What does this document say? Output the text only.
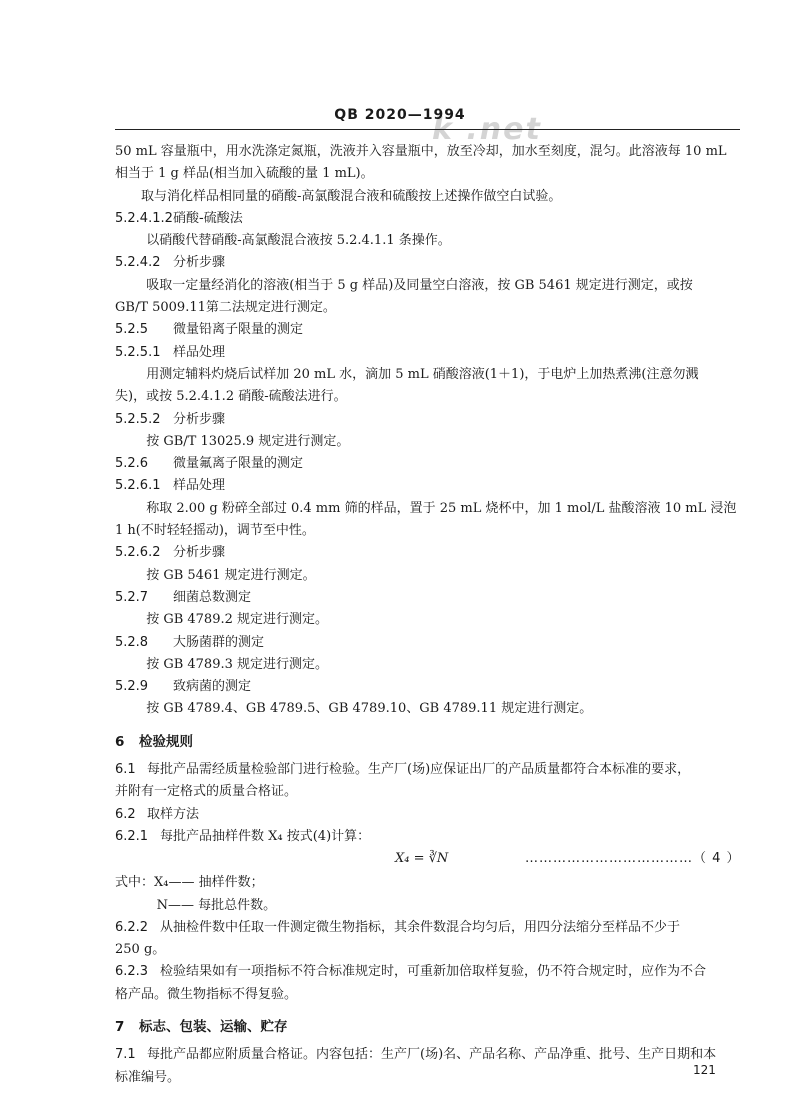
k .net
QB 2020—1994

50 mL 容量瓶中，用水洗涤定氮瓶，洗液并入容量瓶中，放至冷却，加水至刻度，混匀。此溶液每 10 mL

相当于 1 g 样品(相当加入硫酸的量 1 mL)。

取与消化样品相同量的硝酸-高氯酸混合液和硫酸按上述操作做空白试验。

5.2.4.1.2硝酸-硫酸法

以硝酸代替硝酸-高氯酸混合液按 5.2.4.1.1 条操作。

5.2.4.2 分析步骤

吸取一定量经消化的溶液(相当于 5 g 样品)及同量空白溶液，按 GB 5461 规定进行测定，或按

GB/T 5009.11第二法规定进行测定。

5.2.5 微量铅离子限量的测定

5.2.5.1 样品处理

用测定辅料灼烧后试样加 20 mL 水，滴加 5 mL 硝酸溶液(1＋1)，于电炉上加热煮沸(注意勿溅

失)，或按 5.2.4.1.2 硝酸-硫酸法进行。

5.2.5.2 分析步骤

按 GB/T 13025.9 规定进行测定。

5.2.6 微量氟离子限量的测定

5.2.6.1 样品处理

称取 2.00 g 粉碎全部过 0.4 mm 筛的样品，置于 25 mL 烧杯中，加 1 mol/L 盐酸溶液 10 mL 浸泡

1 h(不时轻轻摇动)，调节至中性。

5.2.6.2 分析步骤

按 GB 5461 规定进行测定。

5.2.7 细菌总数测定

按 GB 4789.2 规定进行测定。

5.2.8 大肠菌群的测定

按 GB 4789.3 规定进行测定。

5.2.9 致病菌的测定

按 GB 4789.4、GB 4789.5、GB 4789.10、GB 4789.11 规定进行测定。

6 检验规则

6.1 每批产品需经质量检验部门进行检验。生产厂(场)应保证出厂的产品质量都符合本标准的要求，

并附有一定格式的质量合格证。

6.2 取样方法

6.2.1 每批产品抽样件数 X₄ 按式(4)计算：

X₄ = ∛N	………………………………（ 4 ）

式中：X₄—— 抽样件数；

N—— 每批总件数。

6.2.2 从抽检件数中任取一件测定微生物指标，其余件数混合均匀后，用四分法缩分至样品不少于

250 g。

6.2.3 检验结果如有一项指标不符合标准规定时，可重新加倍取样复验，仍不符合规定时，应作为不合

格产品。微生物指标不得复验。

7 标志、包装、运输、贮存

7.1 每批产品都应附质量合格证。内容包括：生产厂(场)名、产品名称、产品净重、批号、生产日期和本

标准编号。	121
